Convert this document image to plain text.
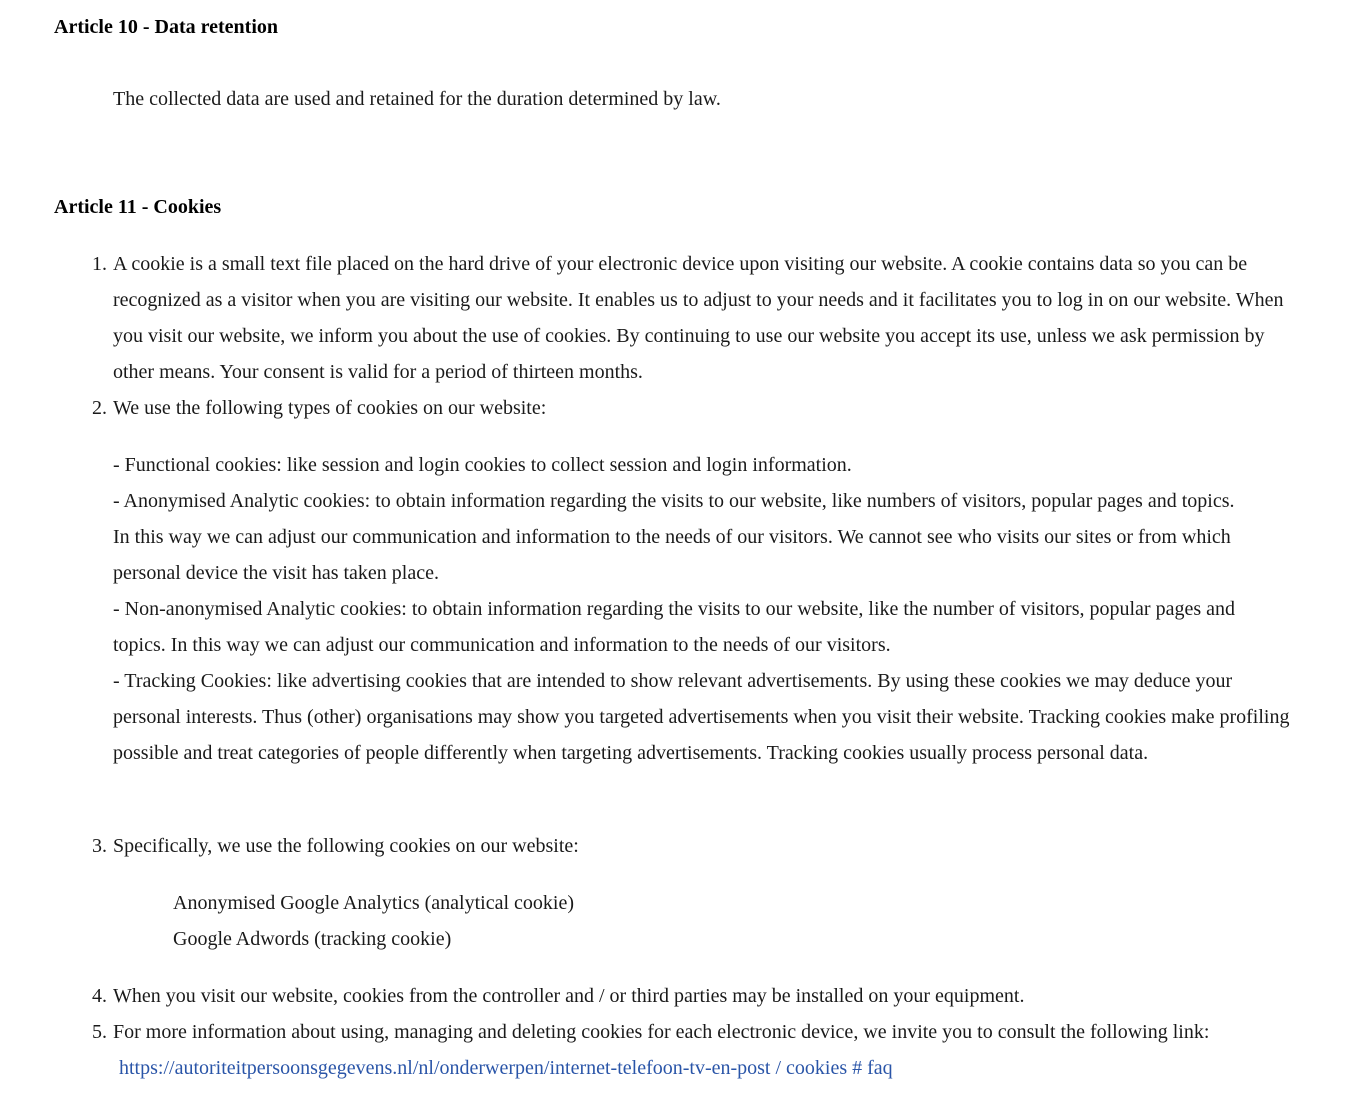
Article 10 - Data retention
The collected data are used and retained for the duration determined by law.
Article 11 - Cookies
1. A cookie is a small text file placed on the hard drive of your electronic device upon visiting our website. A cookie contains data so you can be recognized as a visitor when you are visiting our website. It enables us to adjust to your needs and it facilitates you to log in on our website. When you visit our website, we inform you about the use of cookies. By continuing to use our website you accept its use, unless we ask permission by other means. Your consent is valid for a period of thirteen months.
2. We use the following types of cookies on our website:
- Functional cookies: like session and login cookies to collect session and login information.
- Anonymised Analytic cookies: to obtain information regarding the visits to our website, like numbers of visitors, popular pages and topics. In this way we can adjust our communication and information to the needs of our visitors. We cannot see who visits our sites or from which personal device the visit has taken place.
- Non-anonymised Analytic cookies: to obtain information regarding the visits to our website, like the number of visitors, popular pages and topics. In this way we can adjust our communication and information to the needs of our visitors.
- Tracking Cookies: like advertising cookies that are intended to show relevant advertisements. By using these cookies we may deduce your personal interests. Thus (other) organisations may show you targeted advertisements when you visit their website. Tracking cookies make profiling possible and treat categories of people differently when targeting advertisements. Tracking cookies usually process personal data.
3. Specifically, we use the following cookies on our website:
Anonymised Google Analytics (analytical cookie)
Google Adwords (tracking cookie)
4. When you visit our website, cookies from the controller and / or third parties may be installed on your equipment.
5. For more information about using, managing and deleting cookies for each electronic device, we invite you to consult the following link:
https://autoriteitpersoonsgegevens.nl/nl/onderwerpen/internet-telefoon-tv-en-post / cookies # faq
